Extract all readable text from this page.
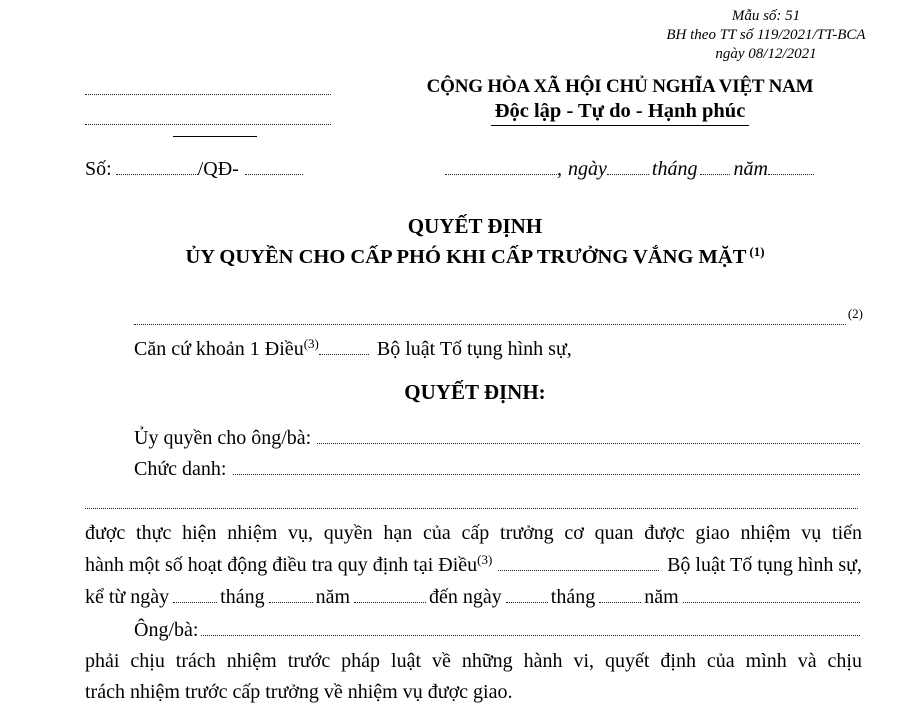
Mẫu số: 51
BH theo TT số 119/2021/TT-BCA
ngày 08/12/2021
CỘNG HÒA XÃ HỘI CHỦ NGHĨA VIỆT NAM
Độc lập - Tự do - Hạnh phúc
Số:	/QĐ-	, ngày tháng năm
QUYẾT ĐỊNH
ỦY QUYỀN CHO CẤP PHÓ KHI CẤP TRƯỞNG VẮNG MẶT $^{(1)}$
(2)
Căn cứ khoản 1 Điều$^{(3)}$	Bộ luật Tố tụng hình sự,
QUYẾT ĐỊNH:
Ủy quyền cho ông/bà:
Chức danh:
được thực hiện nhiệm vụ, quyền hạn của cấp trưởng cơ quan được giao nhiệm vụ tiến
hành một số hoạt động điều tra quy định tại Điều (3)	Bộ luật Tố tụng hình sự,
kể từ ngày	tháng	năm	đến ngày tháng năm
Ông/bà:
phải chịu trách nhiệm trước pháp luật về những hành vi, quyết định của mình và chịu
trách nhiệm trước cấp trưởng về nhiệm vụ được giao.
